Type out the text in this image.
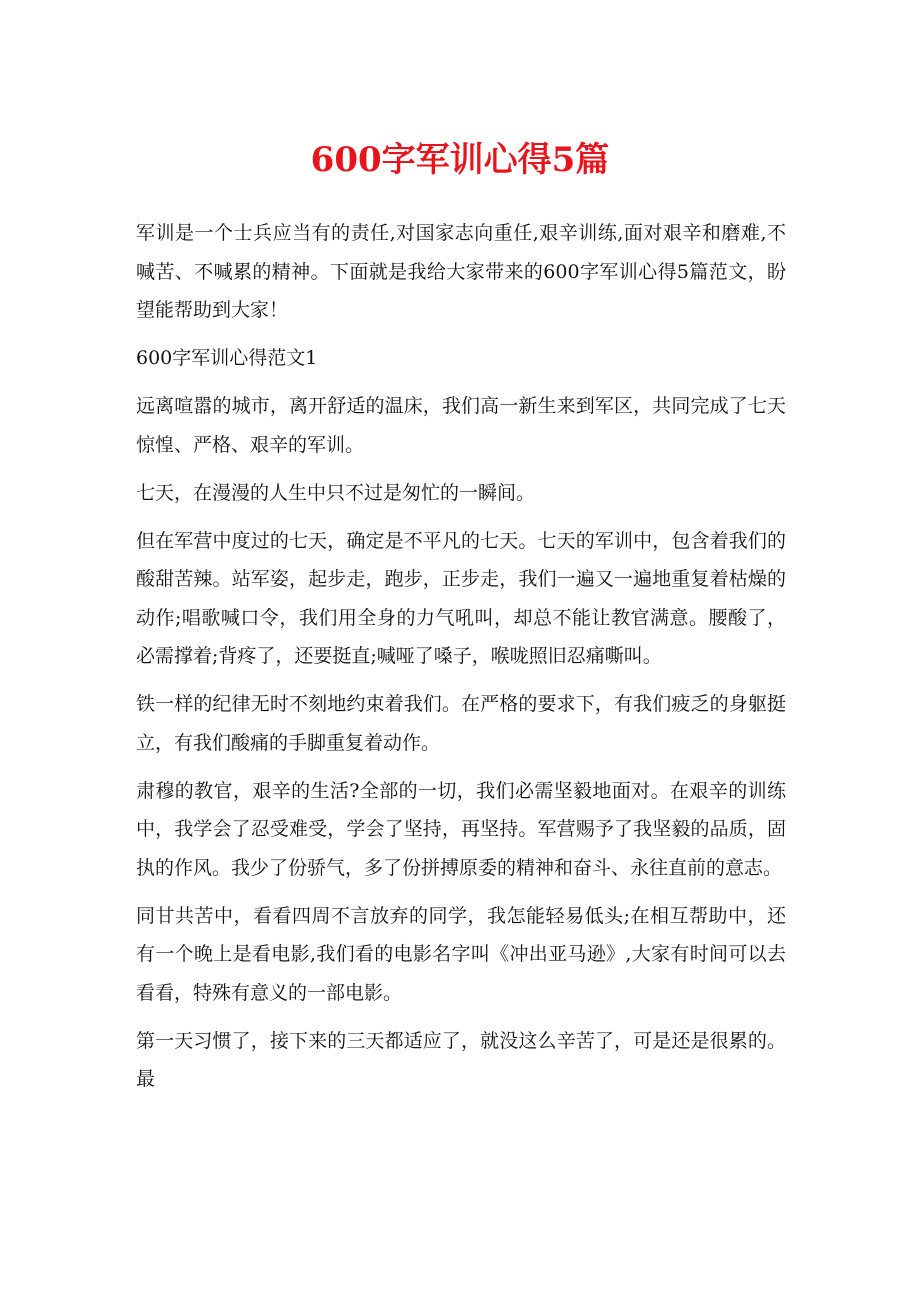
600字军训心得5篇

军训是一个士兵应当有的责任,对国家志向重任,艰辛训练,面对艰辛和磨难,不喊苦、不喊累的精神。下面就是我给大家带来的600字军训心得5篇范文，盼望能帮助到大家！

600字军训心得范文1

远离喧嚣的城市，离开舒适的温床，我们高一新生来到军区，共同完成了七天惊惶、严格、艰辛的军训。

七天，在漫漫的人生中只不过是匆忙的一瞬间。

但在军营中度过的七天，确定是不平凡的七天。七天的军训中，包含着我们的酸甜苦辣。站军姿，起步走，跑步，正步走，我们一遍又一遍地重复着枯燥的动作;唱歌喊口令，我们用全身的力气吼叫，却总不能让教官满意。腰酸了，必需撑着;背疼了，还要挺直;喊哑了嗓子，喉咙照旧忍痛嘶叫。

铁一样的纪律无时不刻地约束着我们。在严格的要求下，有我们疲乏的身躯挺立，有我们酸痛的手脚重复着动作。

肃穆的教官，艰辛的生活?全部的一切，我们必需坚毅地面对。在艰辛的训练中，我学会了忍受难受，学会了坚持，再坚持。军营赐予了我坚毅的品质，固执的作风。我少了份骄气，多了份拼搏原委的精神和奋斗、永往直前的意志。

同甘共苦中，看看四周不言放弃的同学，我怎能轻易低头;在相互帮助中，还有一个晚上是看电影,我们看的电影名字叫《冲出亚马逊》,大家有时间可以去看看，特殊有意义的一部电影。

第一天习惯了，接下来的三天都适应了，就没这么辛苦了，可是还是很累的。最
